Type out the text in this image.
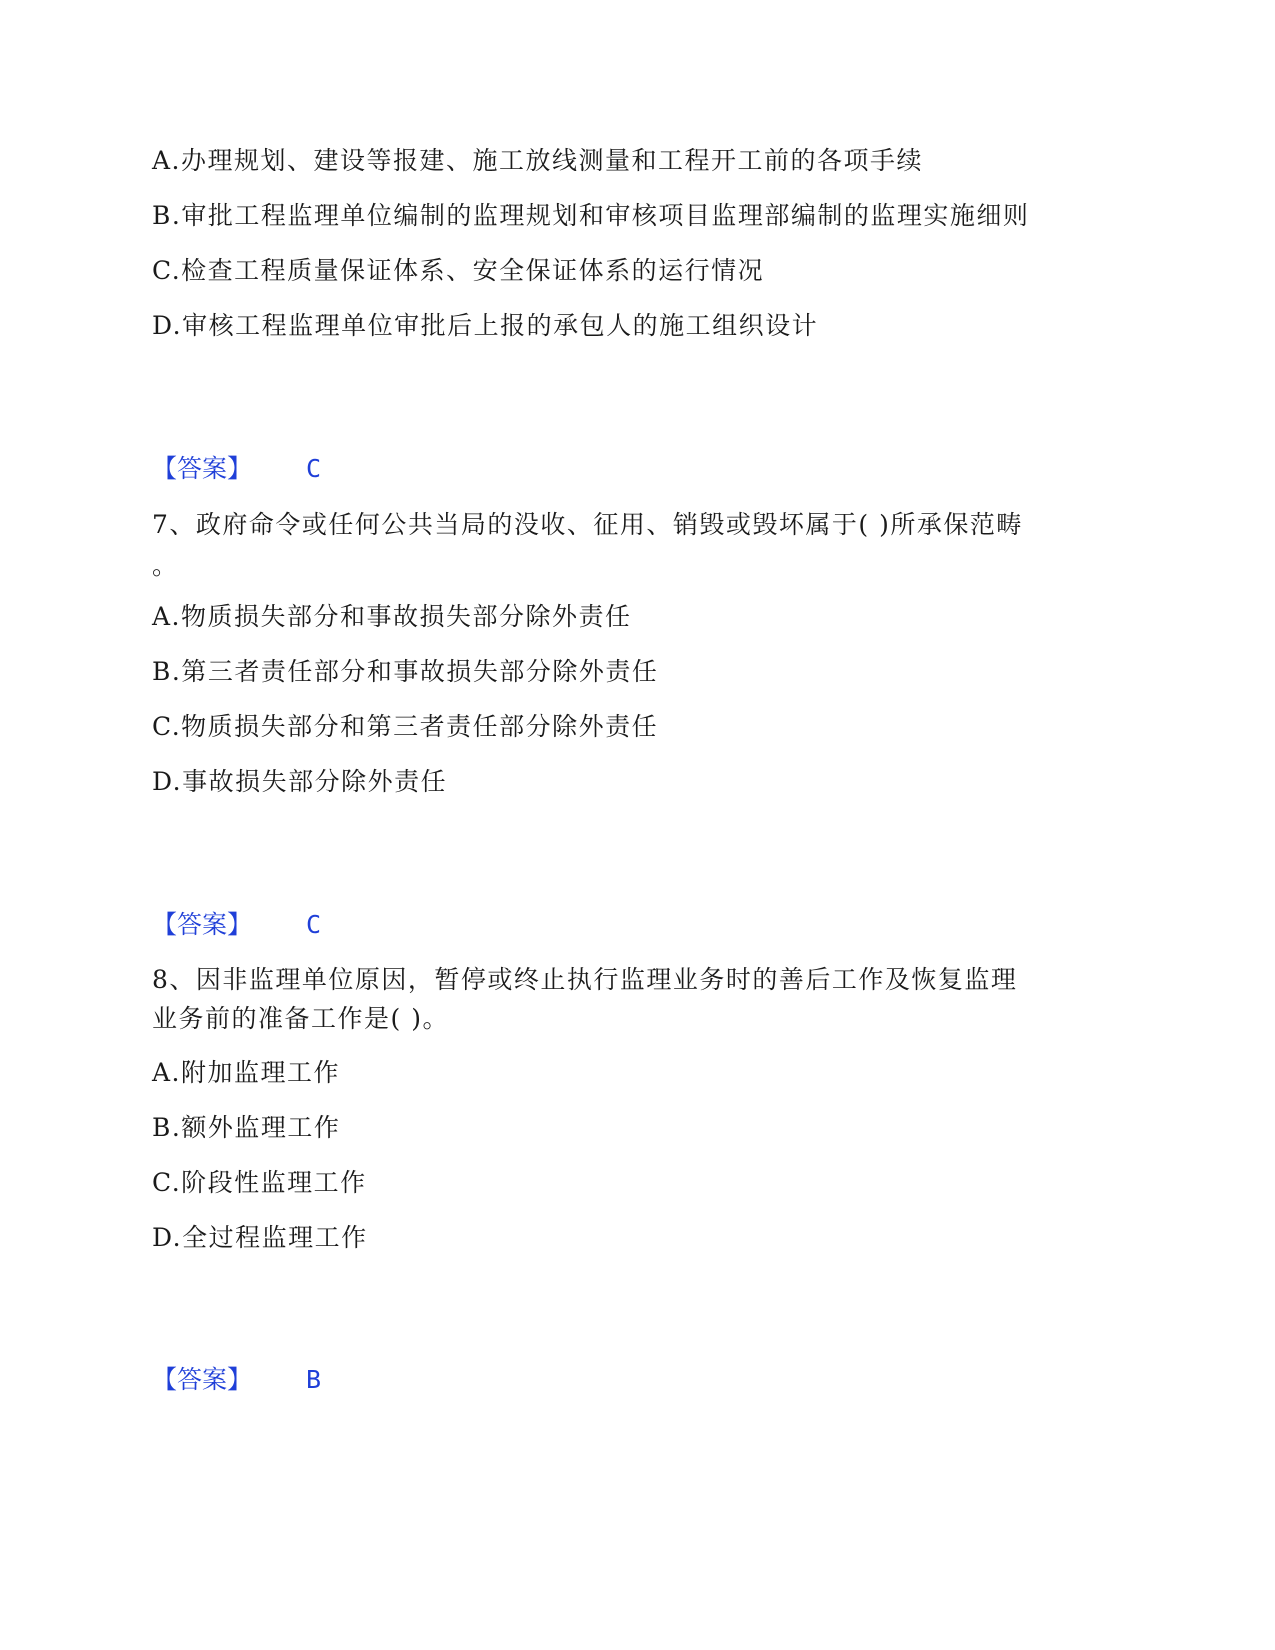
A.办理规划、建设等报建、施工放线测量和工程开工前的各项手续
B.审批工程监理单位编制的监理规划和审核项目监理部编制的监理实施细则
C.检查工程质量保证体系、安全保证体系的运行情况
D.审核工程监理单位审批后上报的承包人的施工组织设计
【答案】 C
7、政府命令或任何公共当局的没收、征用、销毁或毁坏属于( )所承保范畴
。
A.物质损失部分和事故损失部分除外责任
B.第三者责任部分和事故损失部分除外责任
C.物质损失部分和第三者责任部分除外责任
D.事故损失部分除外责任
【答案】 C
8、因非监理单位原因，暂停或终止执行监理业务时的善后工作及恢复监理
业务前的准备工作是( )。
A.附加监理工作
B.额外监理工作
C.阶段性监理工作
D.全过程监理工作
【答案】 B
